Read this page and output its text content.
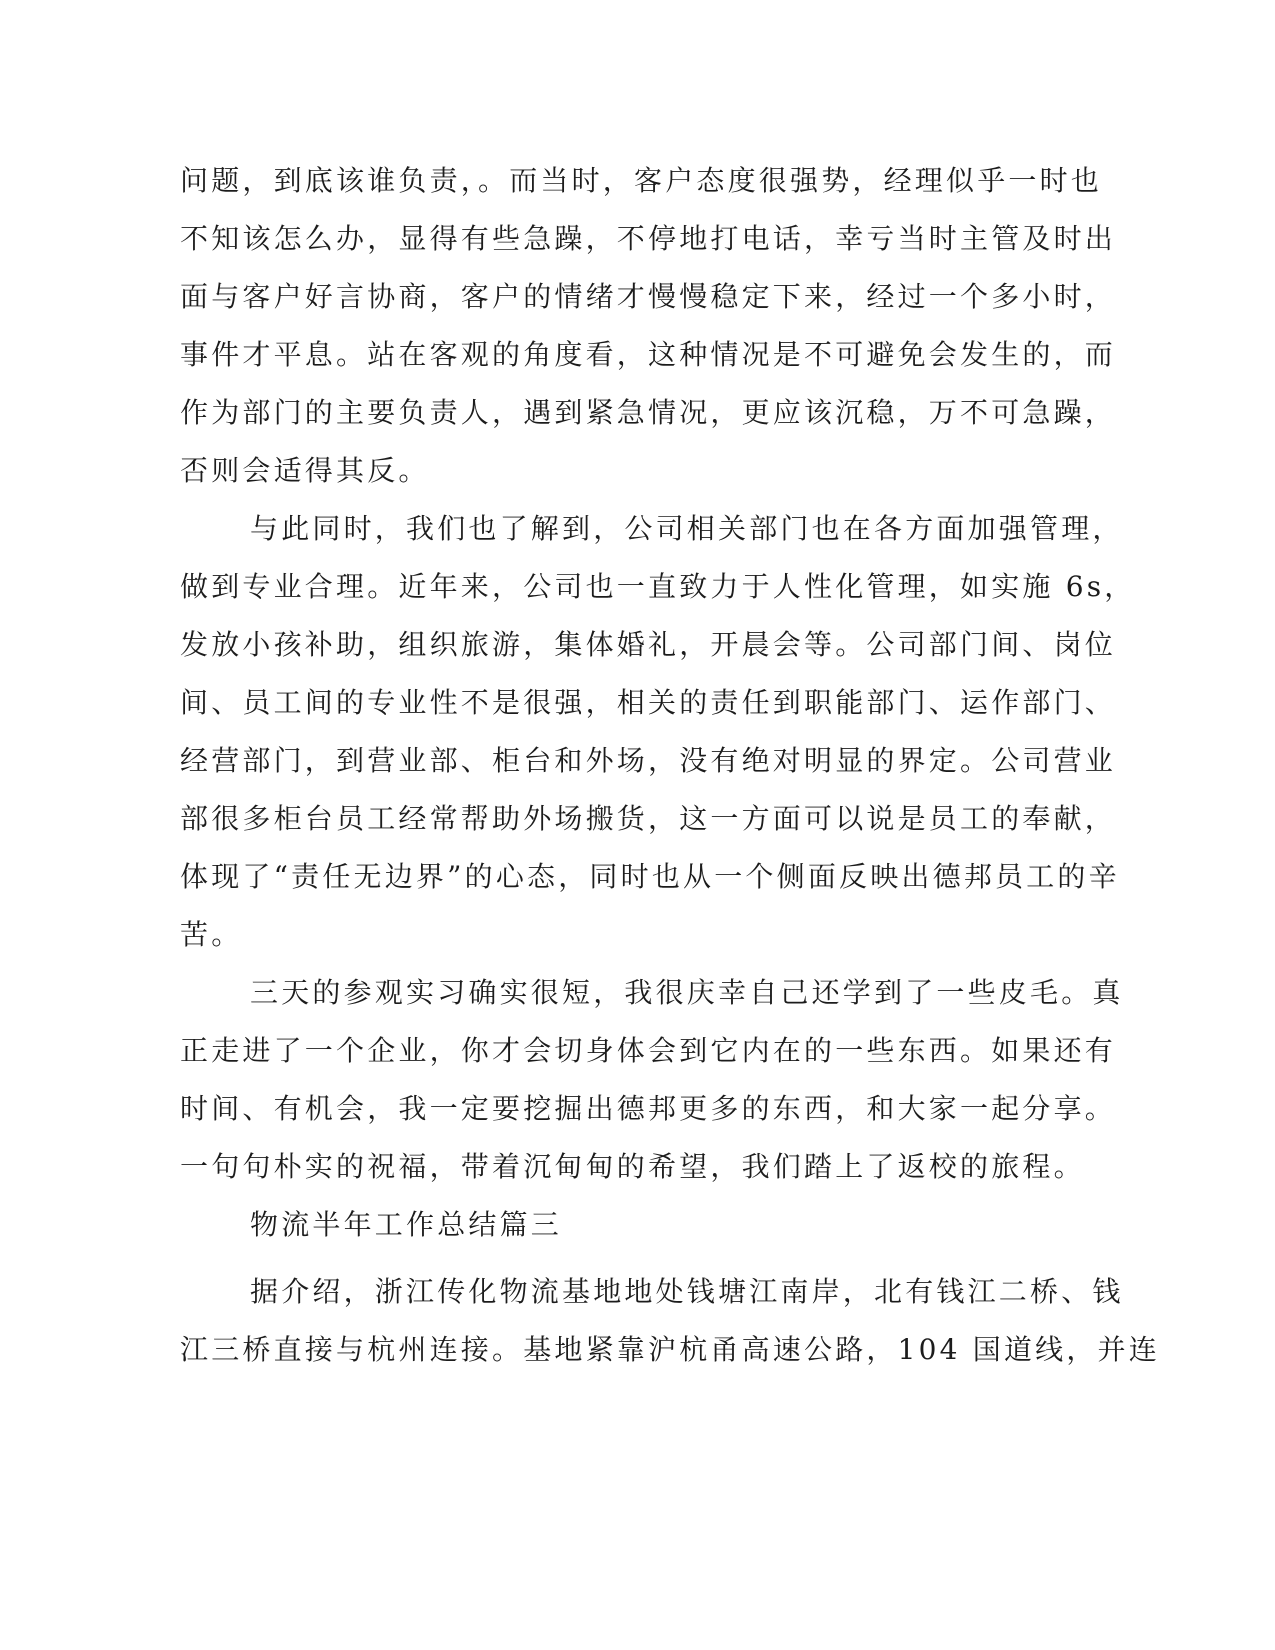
问题，到底该谁负责，。而当时，客户态度很强势，经理似乎一时也
不知该怎么办，显得有些急躁，不停地打电话，幸亏当时主管及时出
面与客户好言协商，客户的情绪才慢慢稳定下来，经过一个多小时，
事件才平息。站在客观的角度看，这种情况是不可避免会发生的，而
作为部门的主要负责人，遇到紧急情况，更应该沉稳，万不可急躁，
否则会适得其反。
与此同时，我们也了解到，公司相关部门也在各方面加强管理，
做到专业合理。近年来，公司也一直致力于人性化管理，如实施 6s，
发放小孩补助，组织旅游，集体婚礼，开晨会等。公司部门间、岗位
间、员工间的专业性不是很强，相关的责任到职能部门、运作部门、
经营部门，到营业部、柜台和外场，没有绝对明显的界定。公司营业
部很多柜台员工经常帮助外场搬货，这一方面可以说是员工的奉献，
体现了“责任无边界”的心态，同时也从一个侧面反映出德邦员工的辛
苦。
三天的参观实习确实很短，我很庆幸自己还学到了一些皮毛。真
正走进了一个企业，你才会切身体会到它内在的一些东西。如果还有
时间、有机会，我一定要挖掘出德邦更多的东西，和大家一起分享。
一句句朴实的祝福，带着沉甸甸的希望，我们踏上了返校的旅程。
物流半年工作总结篇三
据介绍，浙江传化物流基地地处钱塘江南岸，北有钱江二桥、钱
江三桥直接与杭州连接。基地紧靠沪杭甬高速公路，104 国道线，并连
